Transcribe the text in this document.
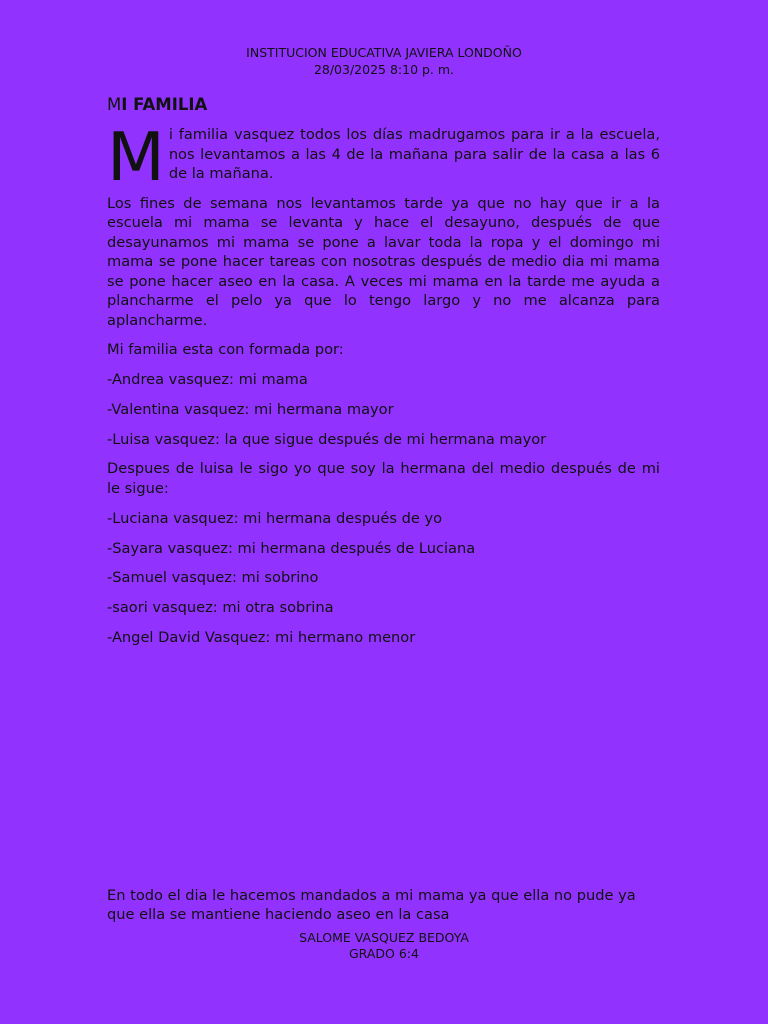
INSTITUCION EDUCATIVA JAVIERA LONDOÑO
28/03/2025 8:10 p. m.
MI FAMILIA

Mi familia vasquez todos los días madrugamos para ir a la escuela, nos levantamos a las 4 de la mañana para salir de la casa a las 6 de la mañana.

Los fines de semana nos levantamos tarde ya que no hay que ir a la escuela mi mama se levanta y hace el desayuno, después de que desayunamos mi mama se pone a lavar toda la ropa y el domingo mi mama se pone hacer tareas con nosotras después de medio dia mi mama se pone hacer aseo en la casa. A veces mi mama en la tarde me ayuda a plancharme el pelo ya que lo tengo largo y no me alcanza para aplancharme.

Mi familia esta con formada por:

-Andrea vasquez: mi mama

-Valentina vasquez: mi hermana mayor

-Luisa vasquez: la que sigue después de mi hermana mayor

Despues de luisa le sigo yo que soy la hermana del medio después de mi le sigue:

-Luciana vasquez: mi hermana después de yo

-Sayara vasquez: mi hermana después de Luciana

-Samuel vasquez: mi sobrino

-saori vasquez: mi otra sobrina

-Angel David Vasquez: mi hermano menor

En todo el dia le hacemos mandados a mi mama ya que ella no pude ya que ella se mantiene haciendo aseo en la casa

SALOME VASQUEZ BEDOYA
GRADO 6:4
